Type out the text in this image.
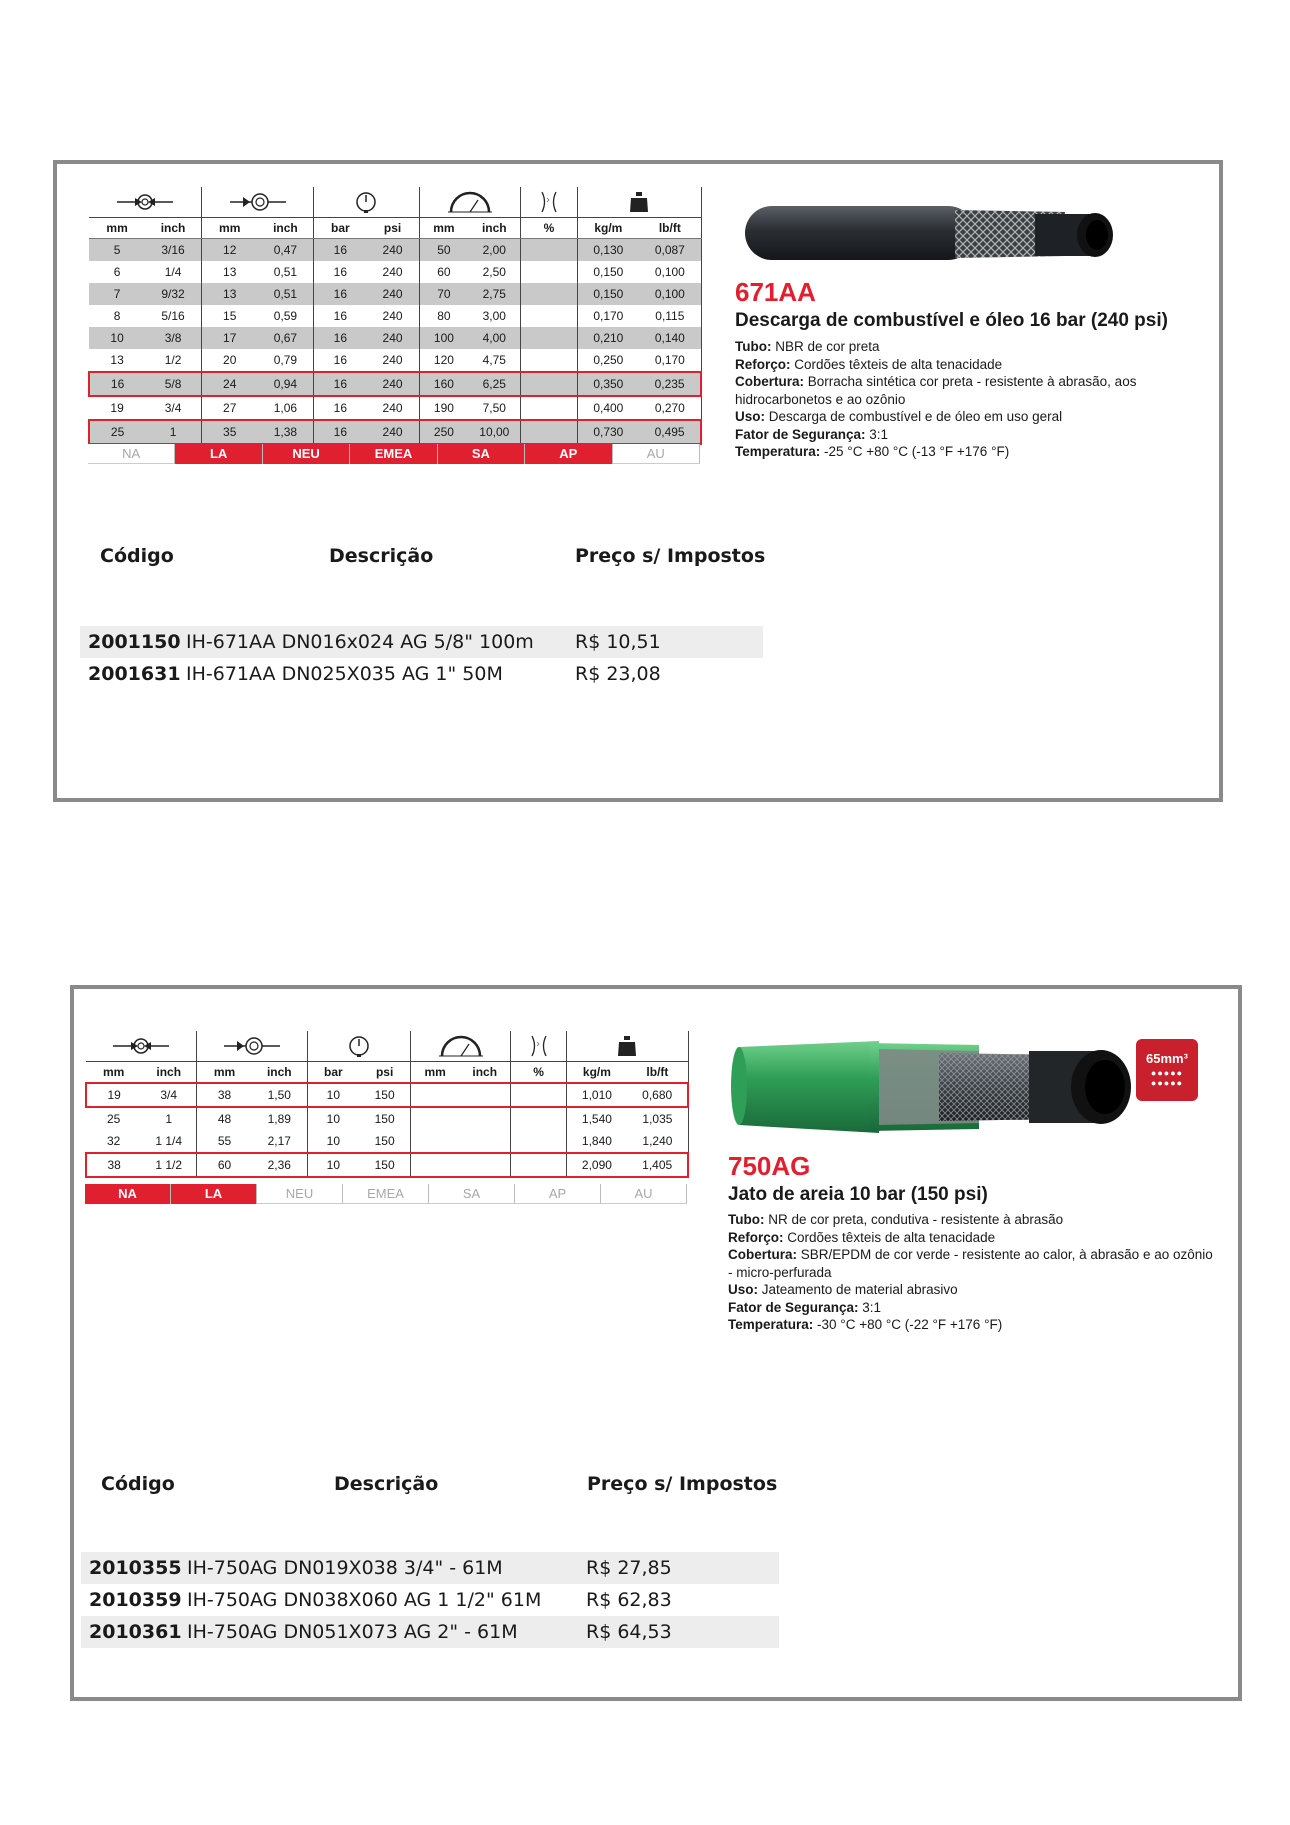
mm	inch	mm	inch	bar	psi	mm	inch	%	kg/m	lb/ft
5	3/16	12	0,47	16	240	50	2,00		0,130	0,087
6	1/4	13	0,51	16	240	60	2,50		0,150	0,100
7	9/32	13	0,51	16	240	70	2,75		0,150	0,100
8	5/16	15	0,59	16	240	80	3,00		0,170	0,115
10	3/8	17	0,67	16	240	100	4,00		0,210	0,140
13	1/2	20	0,79	16	240	120	4,75		0,250	0,170
16	5/8	24	0,94	16	240	160	6,25		0,350	0,235
19	3/4	27	1,06	16	240	190	7,50		0,400	0,270
25	1	35	1,38	16	240	250	10,00		0,730	0,495
NA	LA	NEU	EMEA	SA	AP	AU
671AA
Descarga de combustível e óleo 16 bar (240 psi)
Tubo: NBR de cor preta
Reforço: Cordões têxteis de alta tenacidade
Cobertura: Borracha sintética cor preta - resistente à abrasão, aos hidrocarbonetos e ao ozônio
Uso: Descarga de combustível e de óleo em uso geral
Fator de Segurança: 3:1
Temperatura: -25 °C +80 °C (-13 °F +176 °F)
Código	Descrição	Preço s/ Impostos
2001150 IH-671AA DN016x024 AG 5/8" 100m R$ 10,51
2001631 IH-671AA DN025X035 AG 1" 50M	R$ 23,08

mm	inch	mm	inch	bar	psi	mm	inch	%	kg/m	lb/ft
19	3/4	38	1,50	10	150				1,010	0,680
25	1	48	1,89	10	150				1,540	1,035
32	1 1/4	55	2,17	10	150				1,840	1,240
38	1 1/2	60	2,36	10	150				2,090	1,405
NA	LA	NEU	EMEA	SA	AP	AU
65mm³
●●●●●
●●●●●
750AG
Jato de areia 10 bar (150 psi)
Tubo: NR de cor preta, condutiva - resistente à abrasão
Reforço: Cordões têxteis de alta tenacidade
Cobertura: SBR/EPDM de cor verde - resistente ao calor, à abrasão e ao ozônio - micro-perfurada
Uso: Jateamento de material abrasivo
Fator de Segurança: 3:1
Temperatura: -30 °C +80 °C (-22 °F +176 °F)
Código	Descrição	Preço s/ Impostos
2010355 IH-750AG DN019X038 3/4" - 61M	R$ 27,85
2010359 IH-750AG DN038X060 AG 1 1/2" 61M R$ 62,83
2010361 IH-750AG DN051X073 AG 2" - 61M	R$ 64,53
